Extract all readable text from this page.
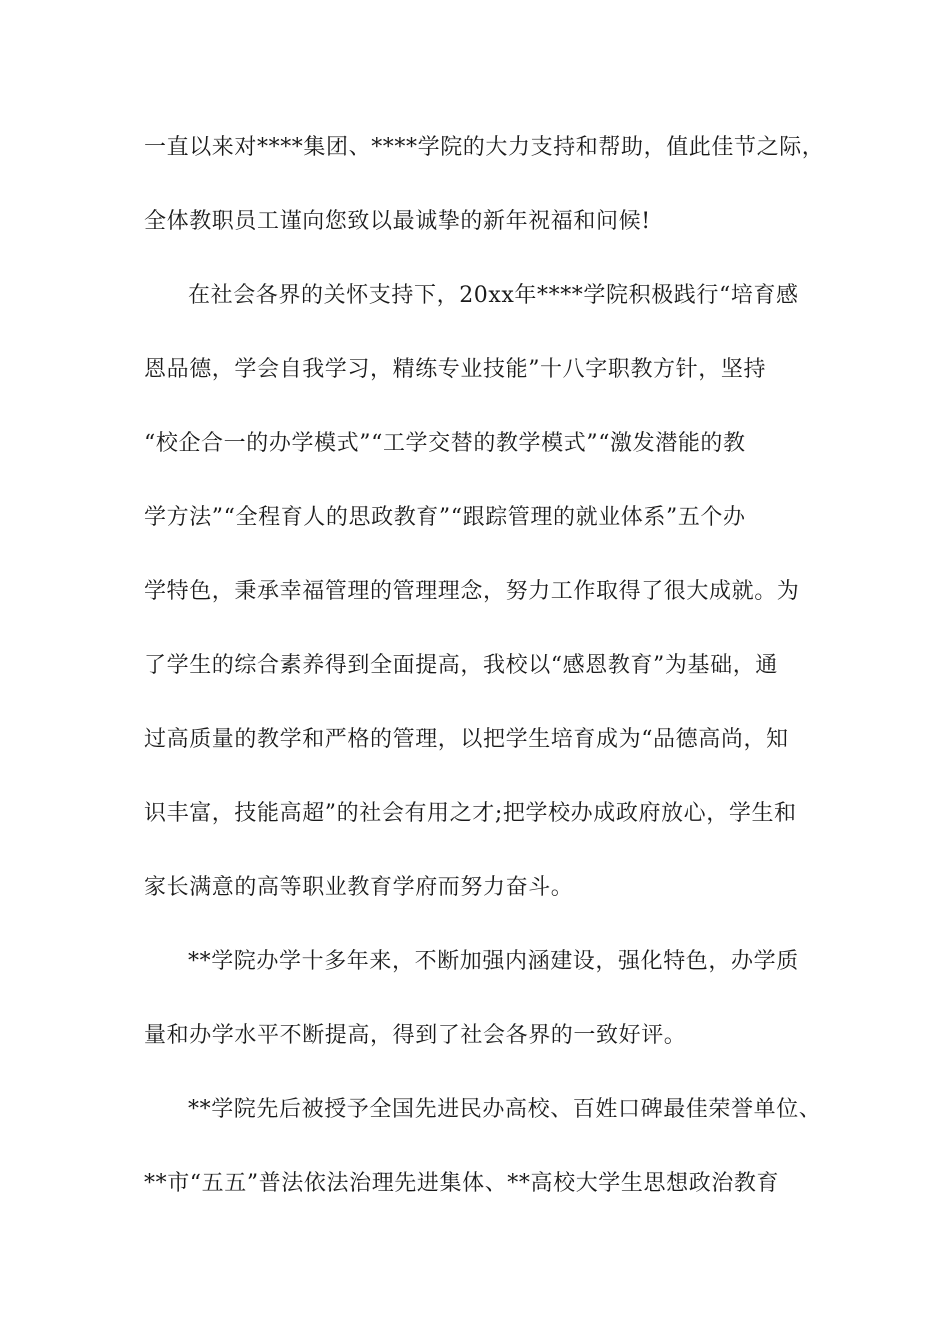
一直以来对****集团、****学院的大力支持和帮助，值此佳节之际，
全体教职员工谨向您致以最诚挚的新年祝福和问候!
在社会各界的关怀支持下，20xx年****学院积极践行“培育感
恩品德，学会自我学习，精练专业技能”十八字职教方针，坚持
“校企合一的办学模式”“工学交替的教学模式”“激发潜能的教
学方法”“全程育人的思政教育”“跟踪管理的就业体系”五个办
学特色，秉承幸福管理的管理理念，努力工作取得了很大成就。为
了学生的综合素养得到全面提高，我校以“感恩教育”为基础，通
过高质量的教学和严格的管理，以把学生培育成为“品德高尚，知
识丰富，技能高超”的社会有用之才;把学校办成政府放心，学生和
家长满意的高等职业教育学府而努力奋斗。
**学院办学十多年来，不断加强内涵建设，强化特色，办学质
量和办学水平不断提高，得到了社会各界的一致好评。
**学院先后被授予全国先进民办高校、百姓口碑最佳荣誉单位、
**市“五五”普法依法治理先进集体、**高校大学生思想政治教育
